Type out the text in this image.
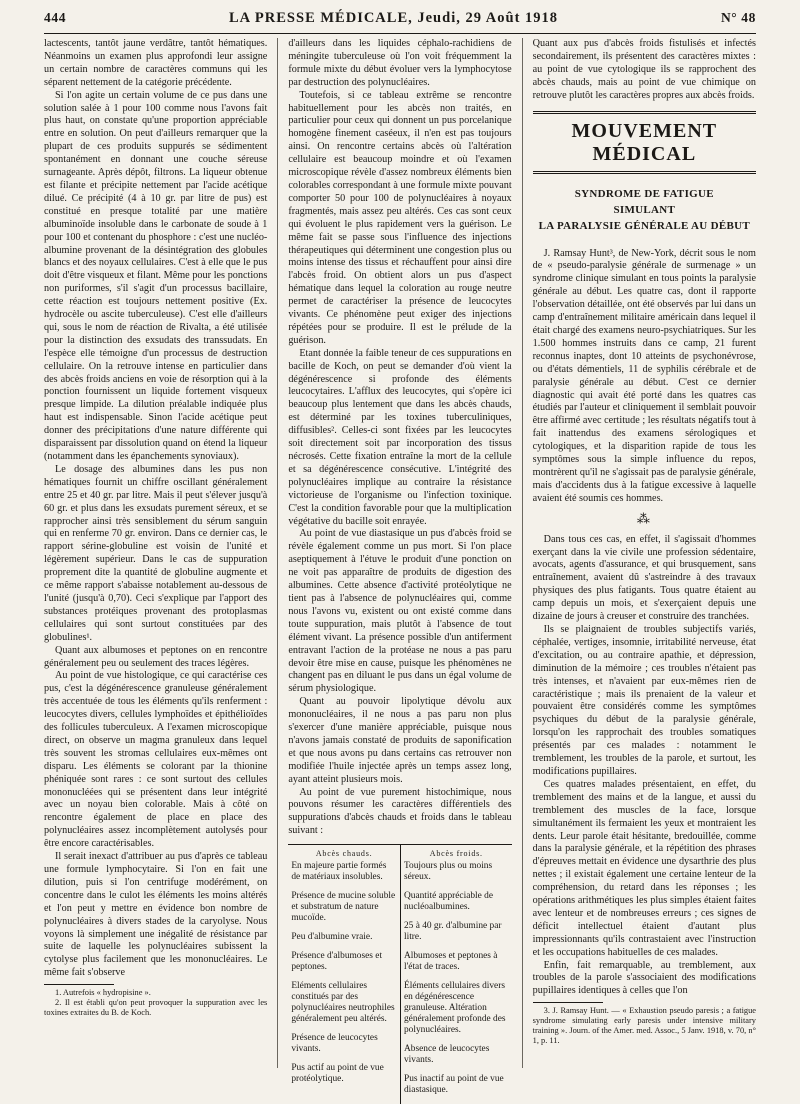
444	LA PRESSE MÉDICALE, Jeudi, 29 Août 1918	N° 48

lactescents, tantôt jaune verdâtre, tantôt hématiques. Néanmoins un examen plus approfondi leur assigne un certain nombre de caractères communs qui les séparent nettement de la catégorie précédente.

Si l'on agite un certain volume de ce pus dans une solution salée à 1 pour 100 comme nous l'avons fait plus haut, on constate qu'une proportion appréciable entre en solution. On peut d'ailleurs remarquer que la plupart de ces produits suppurés se sédimentent spontanément en donnant une couche séreuse surnageante. Après dépôt, filtrons. La liqueur obtenue est filante et précipite nettement par l'acide acétique dilué. Ce précipité (4 à 10 gr. par litre de pus) est constitué en presque totalité par une matière albuminoïde insoluble dans le carbonate de soude à 1 pour 100 et contenant du phosphore : c'est une nucléo-albumine provenant de la désintégration des globules blancs et des noyaux cellulaires. C'est à elle que le pus doit d'être visqueux et filant. Même pour les ponctions non puriformes, s'il s'agit d'un processus bacillaire, cette réaction est toujours nettement positive (Ex. hydrocèle ou ascite tuberculeuse). C'est elle d'ailleurs qui, sous le nom de réaction de Rivalta, a été utilisée pour la distinction des exsudats des transsudats. En l'espèce elle témoigne d'un processus de destruction cellulaire. On la retrouve intense en particulier dans des abcès froids anciens en voie de résorption qui à la ponction fournissent un liquide fortement visqueux presque limpide. La dilution préalable indiquée plus haut est indispensable. Sinon l'acide acétique peut donner des précipitations d'une nature différente qui disparaissent par dissolution quand on étend la liqueur (notamment dans les épanchements synoviaux).

Le dosage des albumines dans les pus non hématiques fournit un chiffre oscillant généralement entre 25 et 40 gr. par litre. Mais il peut s'élever jusqu'à 60 gr. et plus dans les exsudats purement séreux, et se rapprocher ainsi très sensiblement du sérum sanguin qui en renferme 70 gr. environ. Dans ce dernier cas, le rapport sérine-globuline est voisin de l'unité et légèrement supérieur. Dans le cas de suppuration proprement dite la quantité de globuline augmente et ce même rapport s'abaisse notablement au-dessous de l'unité (jusqu'à 0,70). Ceci s'explique par l'apport des substances protéiques provenant des protoplasmas cellulaires qui sont surtout constituées par des globulines¹.

Quant aux albumoses et peptones on en rencontre généralement peu ou seulement des traces légères.

Au point de vue histologique, ce qui caractérise ces pus, c'est la dégénérescence granuleuse généralement très accentuée de tous les éléments qu'ils renferment : leucocytes divers, cellules lymphoïdes et épithélioïdes des follicules tuberculeux. A l'examen microscopique direct, on observe un magma granuleux dans lequel très souvent les stromas cellulaires eux-mêmes ont disparu. Les éléments se colorant par la thionine phéniquée sont rares : ce sont surtout des cellules mononucléées qui se présentent dans leur intégrité avec un noyau bien colorable. Mais à côté on rencontre également de place en place des polynucléaires assez incomplètement autolysés pour être encore caractérisables.

Il serait inexact d'attribuer au pus d'après ce tableau une formule lymphocytaire. Si l'on en fait une dilution, puis si l'on centrifuge modérément, on concentre dans le culot les éléments les moins altérés et l'on peut y mettre en évidence bon nombre de polynucléaires à divers stades de la caryolyse. Nous voyons là simplement une inégalité de résistance par suite de laquelle les polynucléaires subissent la cytolyse plus facilement que les mononucléaires. Le même fait s'observe

1. Autrefois « hydropisine ».

2. Il est établi qu'on peut provoquer la suppuration avec les toxines extraites du B. de Koch.

d'ailleurs dans les liquides céphalo-rachidiens de méningite tuberculeuse où l'on voit fréquemment la formule mixte du début évoluer vers la lymphocytose par destruction des polynucléaires.

Toutefois, si ce tableau extrême se rencontre habituellement pour les abcès non traités, en particulier pour ceux qui donnent un pus porcelanique homogène finement caséeux, il n'en est pas toujours ainsi. On rencontre certains abcès où l'altération cellulaire est beaucoup moindre et où l'examen microscopique révèle d'assez nombreux éléments bien colorables correspondant à une formule mixte pouvant comporter 50 pour 100 de polynucléaires à noyaux fragmentés, mais assez peu altérés. Ces cas sont ceux qui évoluent le plus rapidement vers la guérison. Le même fait se passe sous l'influence des injections thérapeutiques qui déterminent une congestion plus ou moins intense des tissus et réchauffent pour ainsi dire l'abcès froid. On obtient alors un pus d'aspect hématique dans lequel la coloration au rouge neutre permet de caractériser la présence de leucocytes vivants. Ce phénomène peut exiger des injections répétées pour se produire. Il est le prélude de la guérison.

Etant donnée la faible teneur de ces suppurations en bacille de Koch, on peut se demander d'où vient la dégénérescence si profonde des éléments leucocytaires. L'afflux des leucocytes, qui s'opère ici beaucoup plus lentement que dans les abcès chauds, est déterminé par les toxines tuberculiniques, diffusibles². Celles-ci sont fixées par les leucocytes soit directement soit par incorporation des tissus nécrosés. Cette fixation entraîne la mort de la cellule et sa dégénérescence consécutive. L'intégrité des polynucléaires implique au contraire la résistance victorieuse de l'organisme ou l'infection toxinique. C'est la condition favorable pour que la multiplication végétative du bacille soit enrayée.

Au point de vue diastasique un pus d'abcès froid se révèle également comme un pus mort. Si l'on place aseptiquement à l'étuve le produit d'une ponction on ne voit pas apparaître de produits de digestion des albumines. Cette absence d'activité protéolytique ne tient pas à l'absence de polynucléaires qui, comme nous l'avons vu, existent ou ont existé comme dans toute suppuration, mais plutôt à l'absence de tout élément vivant. La présence possible d'un antiferment entravant l'action de la protéase ne nous a pas paru devoir être mise en cause, puisque les phénomènes ne changent pas en diluant le pus dans un égal volume de sérum physiologique.

Quant au pouvoir lipolytique dévolu aux mononucléaires, il ne nous a pas paru non plus s'exercer d'une manière appréciable, puisque nous n'avons jamais constaté de produits de saponification et que nous avons pu dans certains cas retrouver non modifiée l'huile injectée après un temps assez long, ayant atteint plusieurs mois.

Au point de vue purement histochimique, nous pouvons résumer les caractères différentiels des suppurations d'abcès chauds et froids dans le tableau suivant :

Abcès chauds.
En majeure partie formés de matériaux insolubles.
Présence de mucine soluble et substratum de nature mucoïde.
Peu d'albumine vraie.
Présence d'albumoses et peptones.
Eléments cellulaires constitués par des polynucléaires neutrophiles généralement peu altérés.
Présence de leucocytes vivants.
Pus actif au point de vue protéolytique.
Abcès froids.
Toujours plus ou moins séreux.
Quantité appréciable de nucléoalbumines.
25 à 40 gr. d'albumine par litre.
Albumoses et peptones à l'état de traces.
Éléments cellulaires divers en dégénérescence granuleuse. Altération généralement profonde des polynucléaires.
Absence de leucocytes vivants.
Pus inactif au point de vue diastasique.

Quant aux pus d'abcès froids fistulisés et infectés secondairement, ils présentent des caractères mixtes : au point de vue cytologique ils se rapprochent des abcès chauds, mais au point de vue chimique on retrouve plutôt les caractères propres aux abcès froids.

MOUVEMENT MÉDICAL
SYNDROME DE FATIGUE
SIMULANT
LA PARALYSIE GÉNÉRALE AU DÉBUT

J. Ramsay Hunt³, de New-York, décrit sous le nom de « pseudo-paralysie générale de surmenage » un syndrome clinique simulant en tous points la paralysie générale au début. Les quatre cas, dont il rapporte l'observation détaillée, ont été observés par lui dans un camp d'entraînement militaire américain dans lequel il était chargé des examens neuro-psychiatriques. Sur les 1.500 hommes instruits dans ce camp, 21 furent reconnus inaptes, dont 10 atteints de psychonévrose, ou d'états démentiels, 11 de syphilis cérébrale et de paralysie générale au début. C'est ce dernier diagnostic qui avait été porté dans les quatres cas étudiés par l'auteur et cliniquement il semblait pouvoir être affirmé avec certitude ; les résultats négatifs tout à fait inattendus des examens sérologiques et cytologiques, et la disparition rapide de tous les symptômes sous la simple influence du repos, montrèrent qu'il ne s'agissait pas de paralysie générale, mais d'accidents dus à la fatigue excessive à laquelle avaient été soumis ces hommes.

⁂

Dans tous ces cas, en effet, il s'agissait d'hommes exerçant dans la vie civile une profession sédentaire, avocats, agents d'assurance, et qui brusquement, sans entraînement, avaient dû s'astreindre à des travaux physiques des plus fatigants. Tous quatre étaient au camp depuis un mois, et s'exerçaient depuis une dizaine de jours à creuser et construire des tranchées.

Ils se plaignaient de troubles subjectifs variés, céphalée, vertiges, insomnie, irritabilité nerveuse, état d'excitation, ou au contraire apathie, et dépression, diminution de la mémoire ; ces troubles n'étaient pas très intenses, et n'avaient par eux-mêmes rien de caractéristique ; mais ils prenaient de la valeur et pouvaient être considérés comme les symptômes psychiques du début de la paralysie générale, lorsqu'on les rapprochait des troubles somatiques présentés par ces malades : notamment le tremblement, les troubles de la parole, et surtout, les modifications pupillaires.

Ces quatres malades présentaient, en effet, du tremblement des mains et de la langue, et aussi du tremblement des muscles de la face, lorsque simultanément ils fermaient les yeux et montraient les dents. Leur parole était hésitante, bredouillée, comme dans la paralysie générale, et la répétition des phrases d'épreuves mettait en évidence une dysarthrie des plus nettes ; il existait également une certaine lenteur de la compréhension, du retard dans les réponses ; les opérations arithmétiques les plus simples étaient faites avec lenteur et de nombreuses erreurs ; ces signes de déficit intellectuel étaient d'autant plus impressionnants qu'ils contrastaient avec l'instruction et les occupations habituelles de ces malades.

Enfin, fait remarquable, au tremblement, aux troubles de la parole s'associaient des modifications pupillaires identiques à celles que l'on

3. J. Ramsay Hunt. — « Exhaustion pseudo paresis ; a fatigue syndrome simulating early paresis under intensive military training ». Journ. of the Amer. med. Assoc., 5 Janv. 1918, v. 70, n° 1, p. 11.
